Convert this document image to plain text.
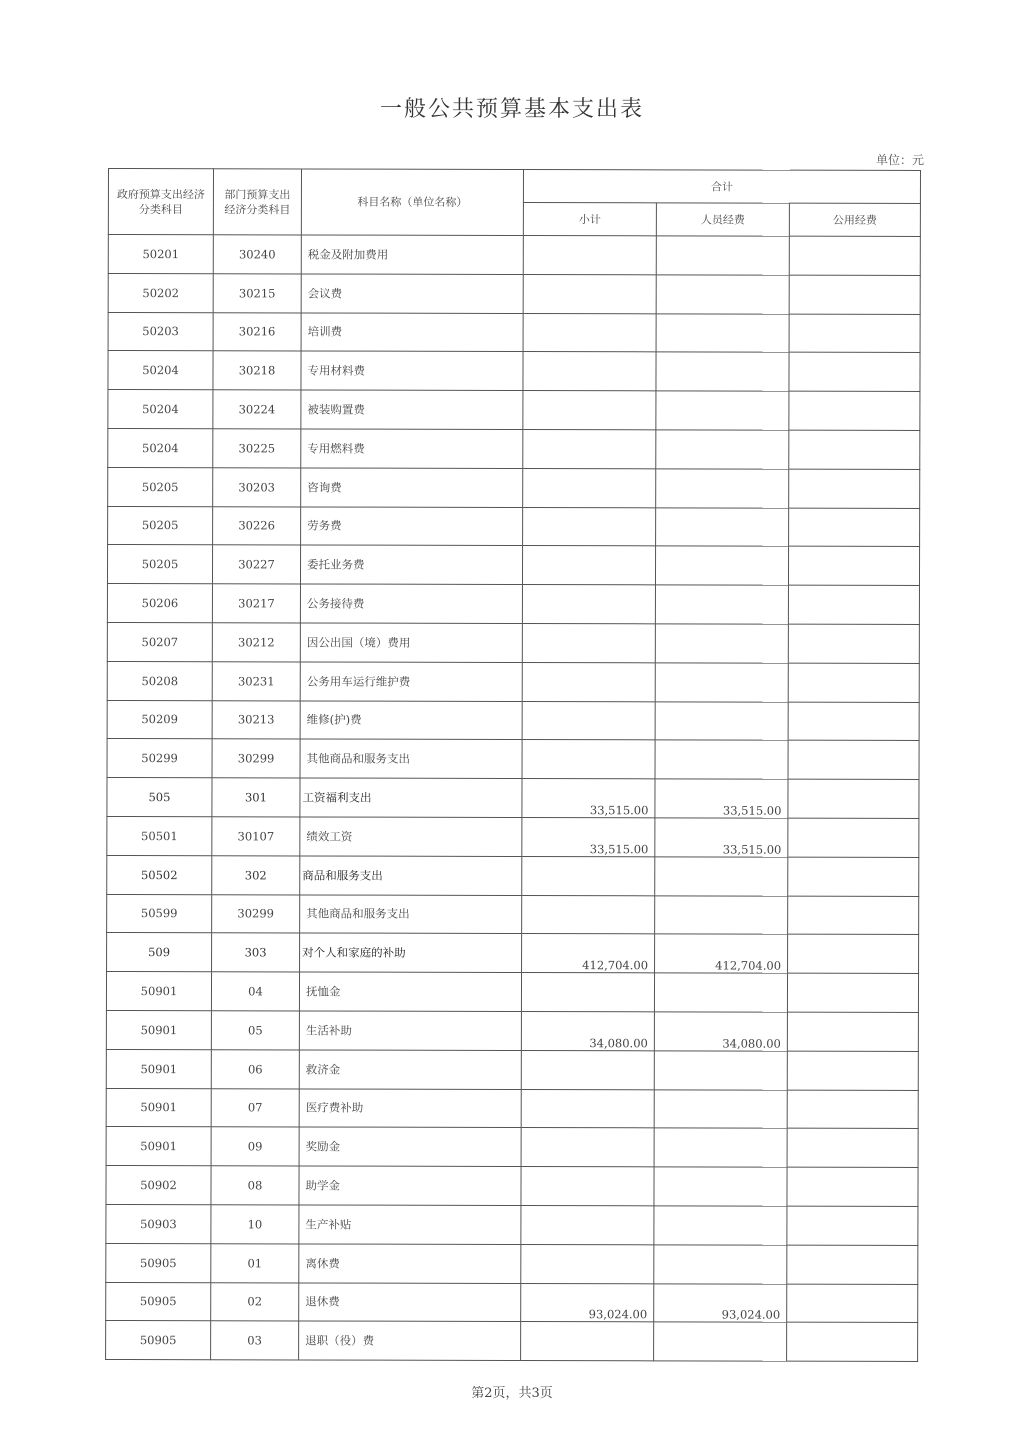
一般公共预算基本支出表
单位：元
政府预算支出经济分类科目	部门预算支出经济分类科目	科目名称（单位名称）	合计		
			小计	人员经费	公用经费
50201	30240	税金及附加费用			
50202	30215	会议费			
50203	30216	培训费			
50204	30218	专用材料费			
50204	30224	被装购置费			
50204	30225	专用燃料费			
50205	30203	咨询费			
50205	30226	劳务费			
50205	30227	委托业务费			
50206	30217	公务接待费			
50207	30212	因公出国（境）费用			
50208	30231	公务用车运行维护费			
50209	30213	维修(护)费			
50299	30299	其他商品和服务支出			
505	301	工资福利支出	33,515.00	33,515.00	
50501	30107	绩效工资	33,515.00	33,515.00	
50502	302	商品和服务支出			
50599	30299	其他商品和服务支出			
509	303	对个人和家庭的补助	412,704.00	412,704.00	
50901	04	抚恤金			
50901	05	生活补助	34,080.00	34,080.00	
50901	06	救济金			
50901	07	医疗费补助			
50901	09	奖励金			
50902	08	助学金			
50903	10	生产补贴			
50905	01	离休费			
50905	02	退休费	93,024.00	93,024.00	
50905	03	退职（役）费			
第2页，共3页
